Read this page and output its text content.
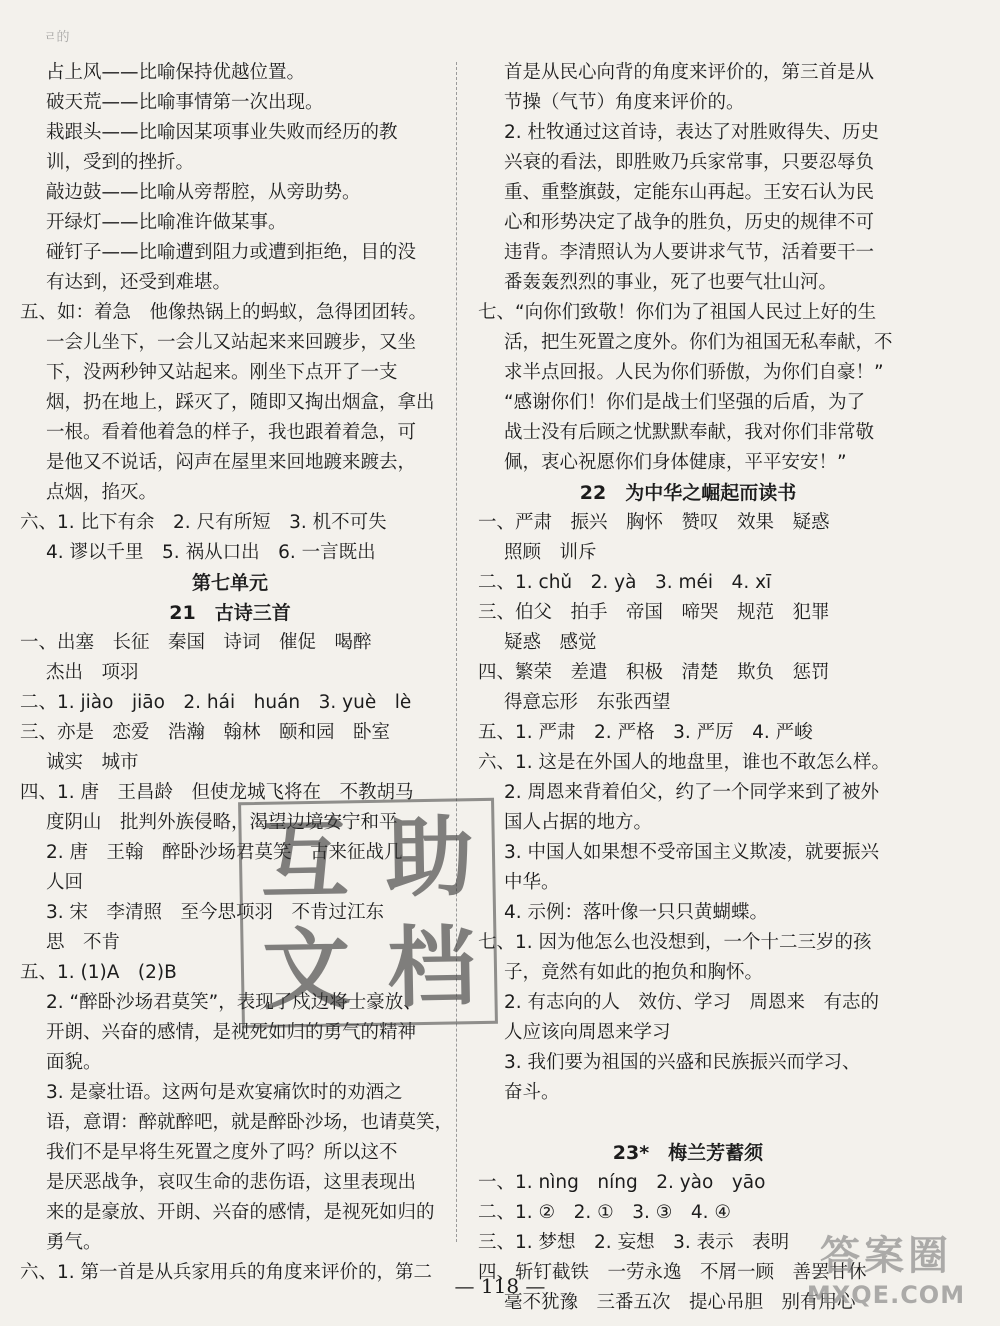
ㄹ的
占上风——比喻保持优越位置。
破天荒——比喻事情第一次出现。
栽跟头——比喻因某项事业失败而经历的教
训，受到的挫折。
敲边鼓——比喻从旁帮腔，从旁助势。
开绿灯——比喻准许做某事。
碰钉子——比喻遭到阻力或遭到拒绝，目的没
有达到，还受到难堪。
五、如：着急　他像热锅上的蚂蚁，急得团团转。
一会儿坐下，一会儿又站起来来回踱步，又坐
下，没两秒钟又站起来。刚坐下点开了一支
烟，扔在地上，踩灭了，随即又掏出烟盒，拿出
一根。看着他着急的样子，我也跟着着急，可
是他又不说话，闷声在屋里来回地踱来踱去，
点烟，掐灭。
六、1. 比下有余　2. 尺有所短　3. 机不可失
4. 谬以千里　5. 祸从口出　6. 一言既出
第七单元
21　古诗三首
一、出塞　长征　秦国　诗词　催促　喝醉
杰出　项羽
二、1. jiào　jiāo　2. hái　huán　3. yuè　lè
三、亦是　恋爱　浩瀚　翰林　颐和园　卧室
诚实　城市
四、1. 唐　王昌龄　但使龙城飞将在　不教胡马
度阴山　批判外族侵略，渴望边境安宁和平
2. 唐　王翰　醉卧沙场君莫笑　古来征战几
人回
3. 宋　李清照　至今思项羽　不肯过江东
思　不肯
五、1. (1)A　(2)B
2. “醉卧沙场君莫笑”，表现了戍边将士豪放、
开朗、兴奋的感情，是视死如归的勇气的精神
面貌。
3. 是豪壮语。这两句是欢宴痛饮时的劝酒之
语，意谓：醉就醉吧，就是醉卧沙场，也请莫笑，
我们不是早将生死置之度外了吗？所以这不
是厌恶战争，哀叹生命的悲伤语，这里表现出
来的是豪放、开朗、兴奋的感情，是视死如归的
勇气。
六、1. 第一首是从兵家用兵的角度来评价的，第二
首是从民心向背的角度来评价的，第三首是从
节操（气节）角度来评价的。
2. 杜牧通过这首诗，表达了对胜败得失、历史
兴衰的看法，即胜败乃兵家常事，只要忍辱负
重、重整旗鼓，定能东山再起。王安石认为民
心和形势决定了战争的胜负，历史的规律不可
违背。李清照认为人要讲求气节，活着要干一
番轰轰烈烈的事业，死了也要气壮山河。
七、“向你们致敬！你们为了祖国人民过上好的生
活，把生死置之度外。你们为祖国无私奉献，不
求半点回报。人民为你们骄傲，为你们自豪！”
“感谢你们！你们是战士们坚强的后盾，为了
战士没有后顾之忧默默奉献，我对你们非常敬
佩，衷心祝愿你们身体健康，平平安安！”
22　为中华之崛起而读书
一、严肃　振兴　胸怀　赞叹　效果　疑惑
照顾　训斥
二、1. chǔ　2. yà　3. méi　4. xī
三、伯父　拍手　帝国　啼哭　规范　犯罪
疑惑　感觉
四、繁荣　差遣　积极　清楚　欺负　惩罚
得意忘形　东张西望
五、1. 严肃　2. 严格　3. 严厉　4. 严峻
六、1. 这是在外国人的地盘里，谁也不敢怎么样。
2. 周恩来背着伯父，约了一个同学来到了被外
国人占据的地方。
3. 中国人如果想不受帝国主义欺凌，就要振兴
中华。
4. 示例：落叶像一只只黄蝴蝶。
七、1. 因为他怎么也没想到，一个十二三岁的孩
子，竟然有如此的抱负和胸怀。
2. 有志向的人　效仿、学习　周恩来　有志的
人应该向周恩来学习
3. 我们要为祖国的兴盛和民族振兴而学习、
奋斗。
23*　梅兰芳蓄须
一、1. nìng　níng　2. yào　yāo
二、1. ②　2. ①　3. ③　4. ④
三、1. 梦想　2. 妄想　3. 表示　表明
四、斩钉截铁　一劳永逸　不屑一顾　善罢甘休
毫不犹豫　三番五次　提心吊胆　别有用心
互 助
文 档
— 118 —
答案圈
MXQE.COM
